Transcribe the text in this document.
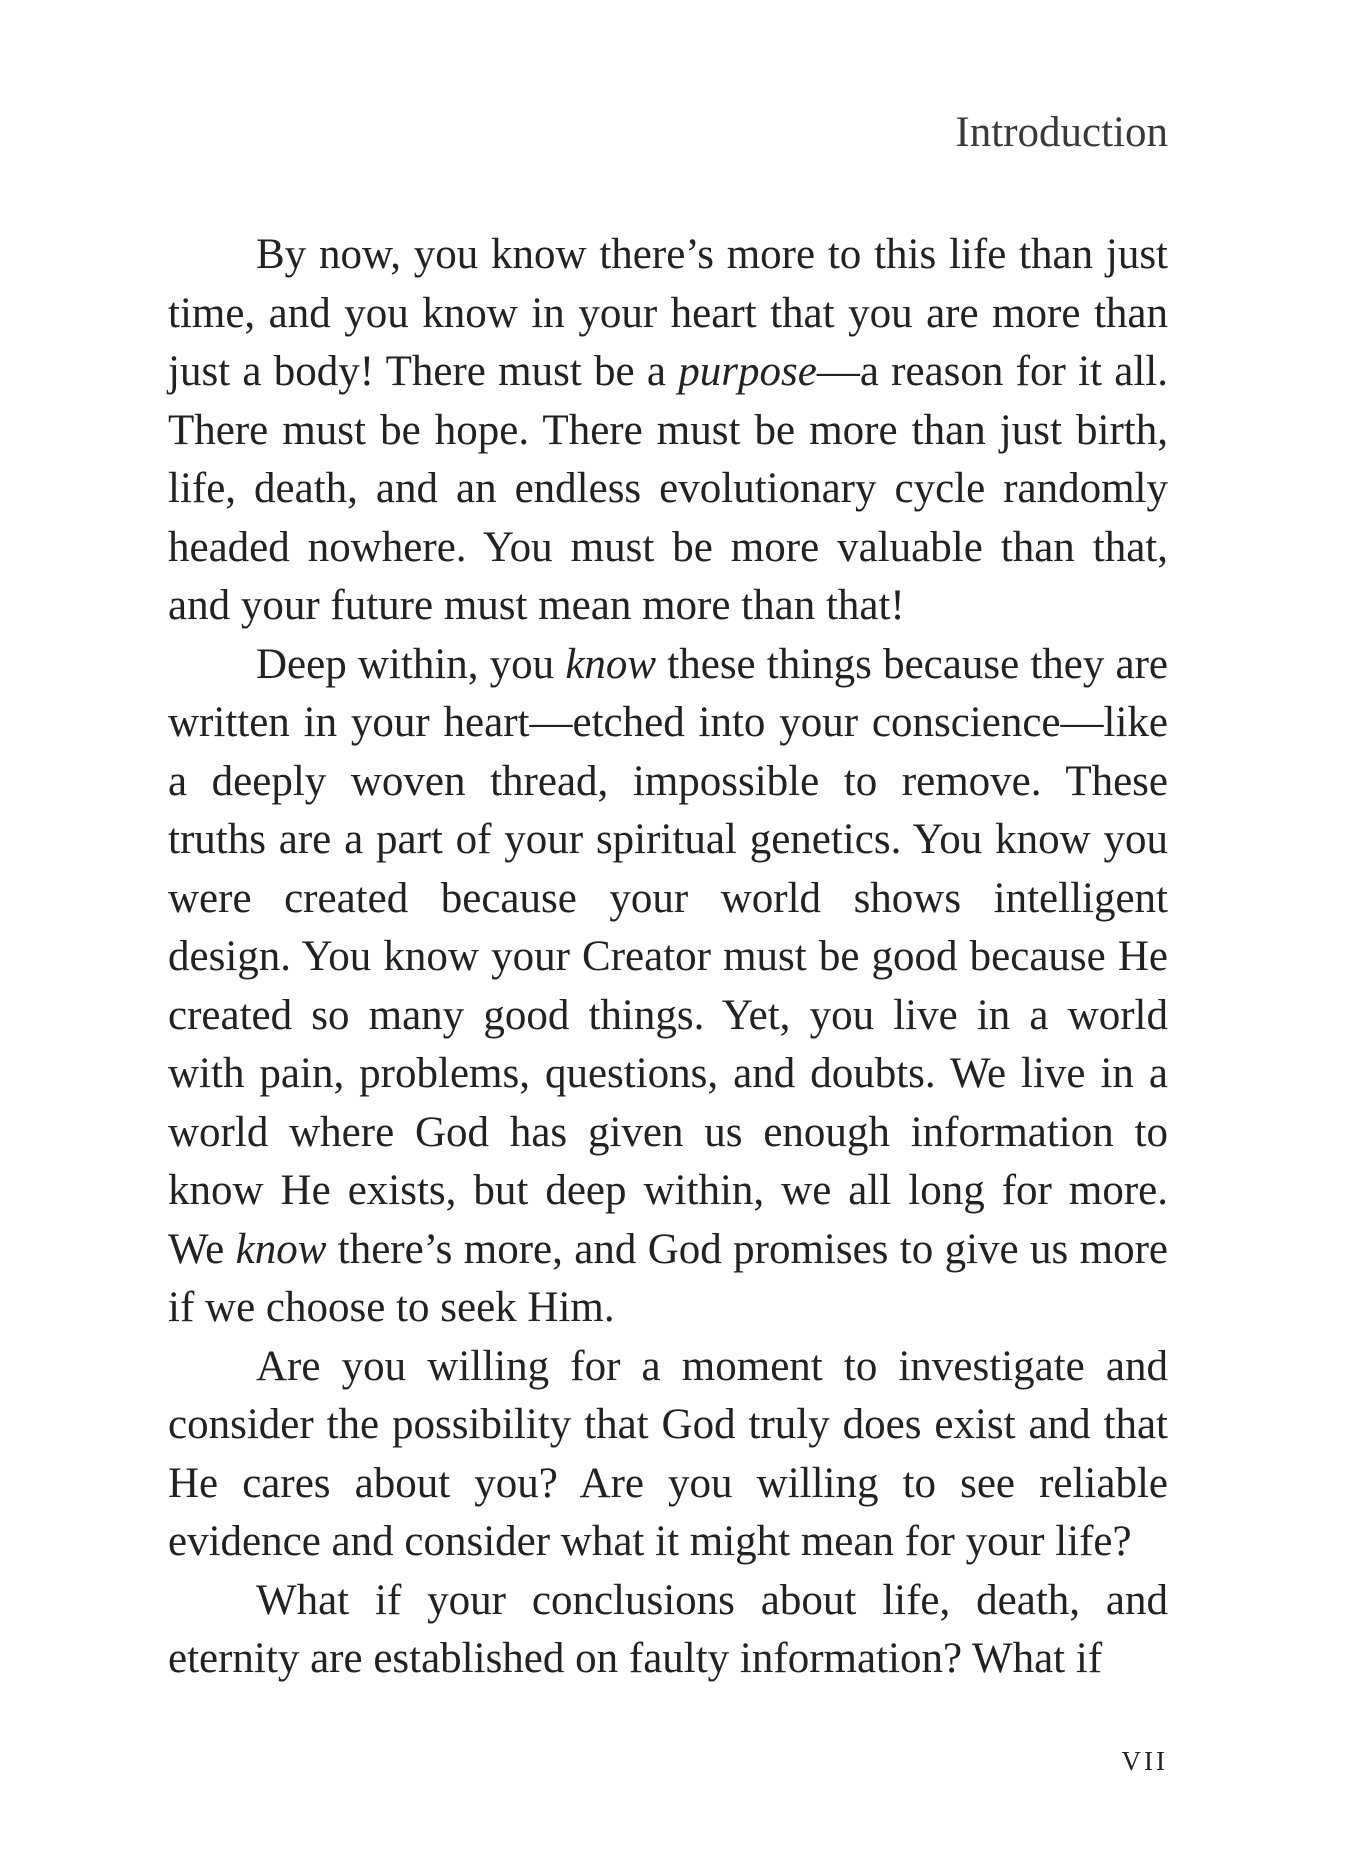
Introduction

By now, you know there’s more to this life than just time, and you know in your heart that you are more than just a body! There must be a purpose—a reason for it all. There must be hope. There must be more than just birth, life, death, and an endless evolutionary cycle randomly headed nowhere. You must be more valuable than that, and your future must mean more than that!

Deep within, you know these things because they are written in your heart—etched into your conscience—like a deeply woven thread, impossible to remove. These truths are a part of your spiritual genetics. You know you were created because your world shows intelligent design. You know your Creator must be good because He created so many good things. Yet, you live in a world with pain, problems, questions, and doubts. We live in a world where God has given us enough information to know He exists, but deep within, we all long for more. We know there’s more, and God promises to give us more if we choose to seek Him.

Are you willing for a moment to investigate and consider the possibility that God truly does exist and that He cares about you? Are you willing to see reliable evidence and consider what it might mean for your life?

What if your conclusions about life, death, and eternity are established on faulty information? What if

VII
